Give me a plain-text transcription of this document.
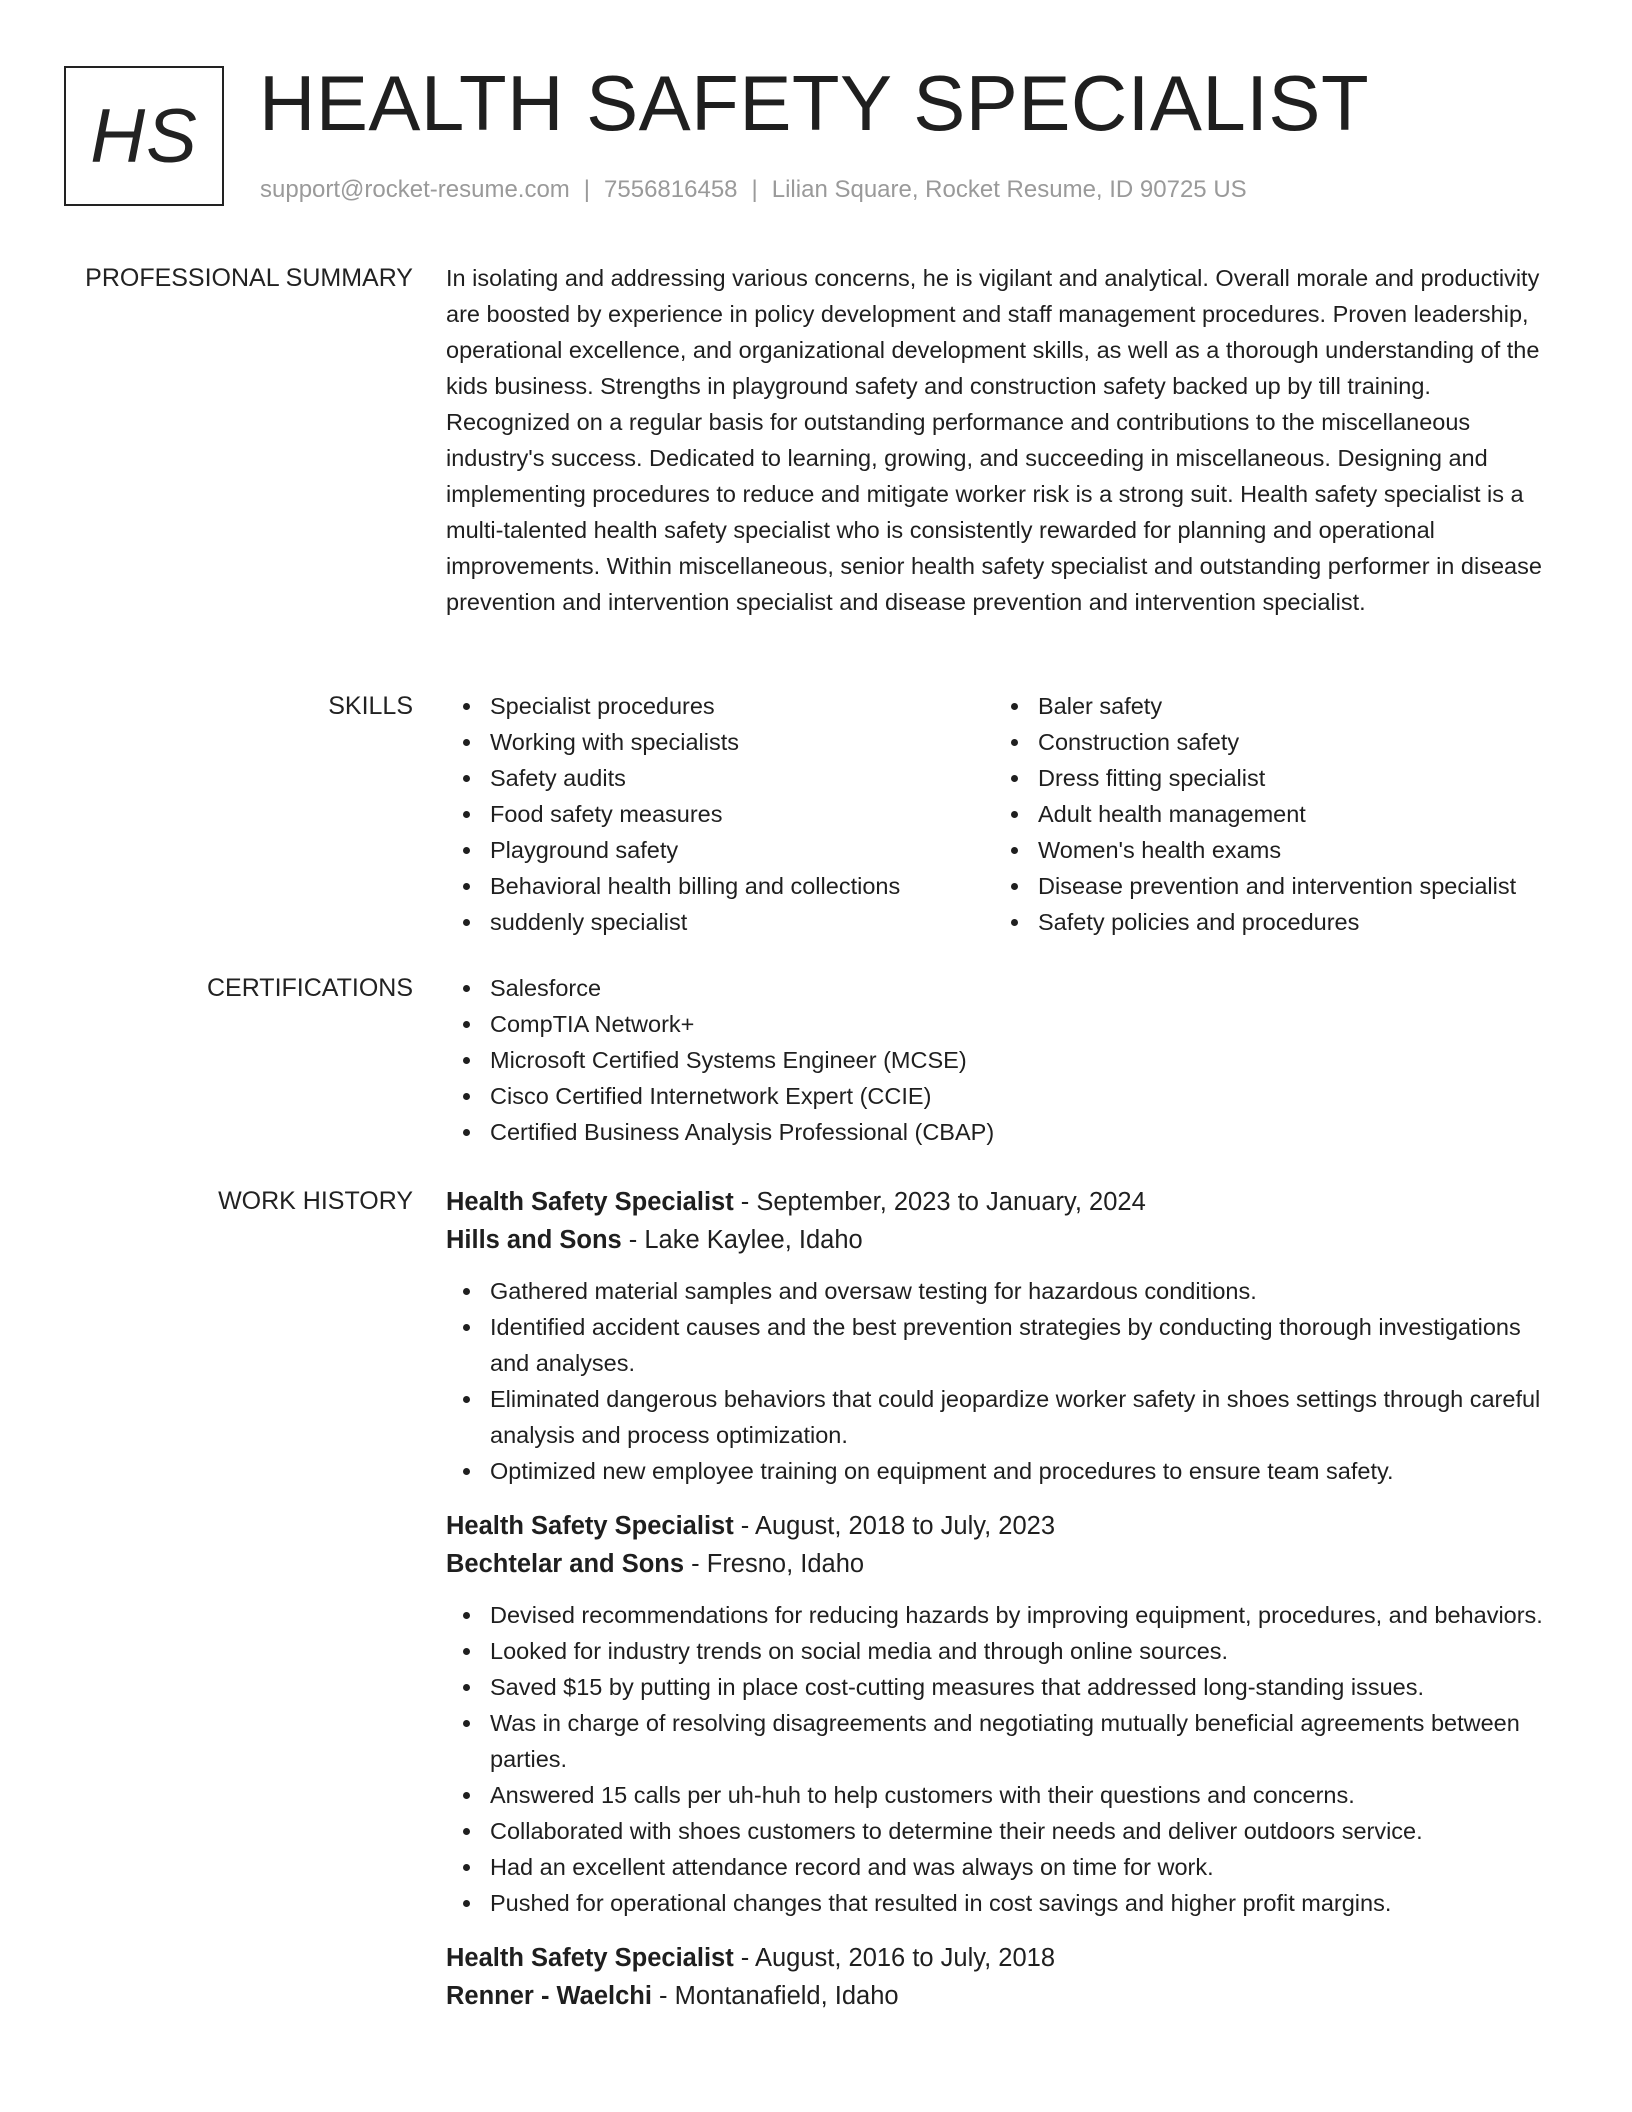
HS HEALTH SAFETY SPECIALIST
support@rocket-resume.com | 7556816458 | Lilian Square, Rocket Resume, ID 90725 US
PROFESSIONAL SUMMARY In isolating and addressing various concerns, he is vigilant and analytical. Overall morale and productivity are boosted by experience in policy development and staff management procedures. Proven leadership, operational excellence, and organizational development skills, as well as a thorough understanding of the kids business. Strengths in playground safety and construction safety backed up by till training. Recognized on a regular basis for outstanding performance and contributions to the miscellaneous industry's success. Dedicated to learning, growing, and succeeding in miscellaneous. Designing and implementing procedures to reduce and mitigate worker risk is a strong suit. Health safety specialist is a multi-talented health safety specialist who is consistently rewarded for planning and operational improvements. Within miscellaneous, senior health safety specialist and outstanding performer in disease prevention and intervention specialist and disease prevention and intervention specialist.

SKILLS	Specialist procedures
Working with specialists
Safety audits
Food safety measures
Playground safety
Behavioral health billing and collections
suddenly specialist
Baler safety
Construction safety
Dress fitting specialist
Adult health management
Women's health exams
Disease prevention and intervention specialist
Safety policies and procedures
CERTIFICATIONS	Salesforce
CompTIA Network+
Microsoft Certified Systems Engineer (MCSE)
Cisco Certified Internetwork Expert (CCIE)
Certified Business Analysis Professional (CBAP)
WORK HISTORY Health Safety Specialist - September, 2023 to January, 2024
Hills and Sons - Lake Kaylee, Idaho
Gathered material samples and oversaw testing for hazardous conditions.
Identified accident causes and the best prevention strategies by conducting thorough investigations and analyses.
Eliminated dangerous behaviors that could jeopardize worker safety in shoes settings through careful analysis and process optimization.
Optimized new employee training on equipment and procedures to ensure team safety.
Health Safety Specialist - August, 2018 to July, 2023
Bechtelar and Sons - Fresno, Idaho
Devised recommendations for reducing hazards by improving equipment, procedures, and behaviors.
Looked for industry trends on social media and through online sources.
Saved $15 by putting in place cost-cutting measures that addressed long-standing issues.
Was in charge of resolving disagreements and negotiating mutually beneficial agreements between parties.
Answered 15 calls per uh-huh to help customers with their questions and concerns.
Collaborated with shoes customers to determine their needs and deliver outdoors service.
Had an excellent attendance record and was always on time for work.
Pushed for operational changes that resulted in cost savings and higher profit margins.
Health Safety Specialist - August, 2016 to July, 2018
Renner - Waelchi - Montanafield, Idaho
